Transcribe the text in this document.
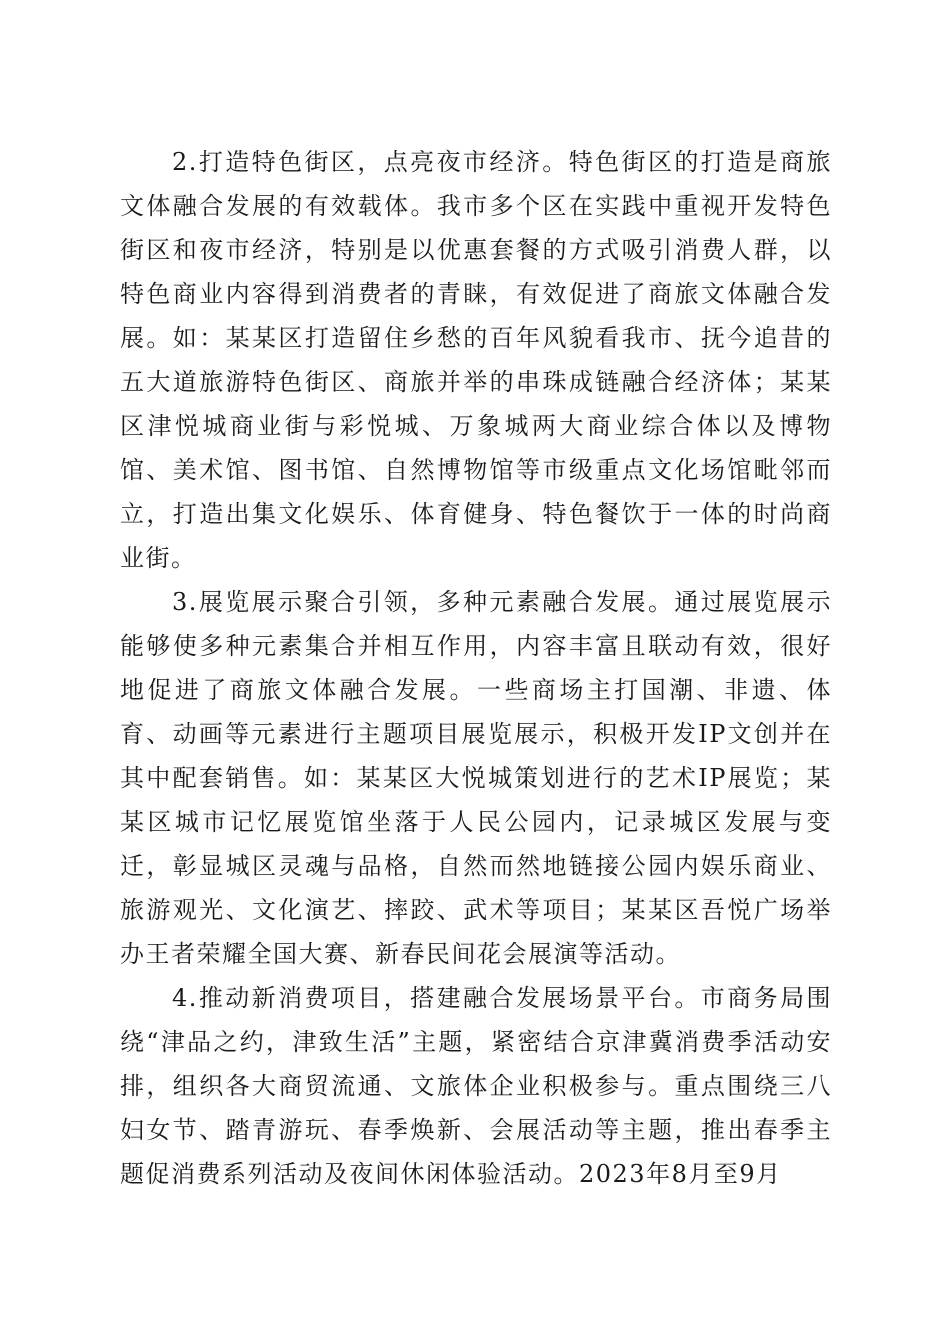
2.打造特色街区，点亮夜市经济。特色街区的打造是商旅文体融合发展的有效载体。我市多个区在实践中重视开发特色街区和夜市经济，特别是以优惠套餐的方式吸引消费人群，以特色商业内容得到消费者的青睐，有效促进了商旅文体融合发展。如：某某区打造留住乡愁的百年风貌看我市、抚今追昔的五大道旅游特色街区、商旅并举的串珠成链融合经济体；某某区津悦城商业街与彩悦城、万象城两大商业综合体以及博物馆、美术馆、图书馆、自然博物馆等市级重点文化场馆毗邻而立，打造出集文化娱乐、体育健身、特色餐饮于一体的时尚商业街。

3.展览展示聚合引领，多种元素融合发展。通过展览展示能够使多种元素集合并相互作用，内容丰富且联动有效，很好地促进了商旅文体融合发展。一些商场主打国潮、非遗、体育、动画等元素进行主题项目展览展示，积极开发IP文创并在其中配套销售。如：某某区大悦城策划进行的艺术IP展览；某某区城市记忆展览馆坐落于人民公园内，记录城区发展与变迁，彰显城区灵魂与品格，自然而然地链接公园内娱乐商业、旅游观光、文化演艺、摔跤、武术等项目；某某区吾悦广场举办王者荣耀全国大赛、新春民间花会展演等活动。

4.推动新消费项目，搭建融合发展场景平台。市商务局围绕“津品之约，津致生活”主题，紧密结合京津冀消费季活动安排，组织各大商贸流通、文旅体企业积极参与。重点围绕三八妇女节、踏青游玩、春季焕新、会展活动等主题，推出春季主题促消费系列活动及夜间休闲体验活动。2023年8月至9月
